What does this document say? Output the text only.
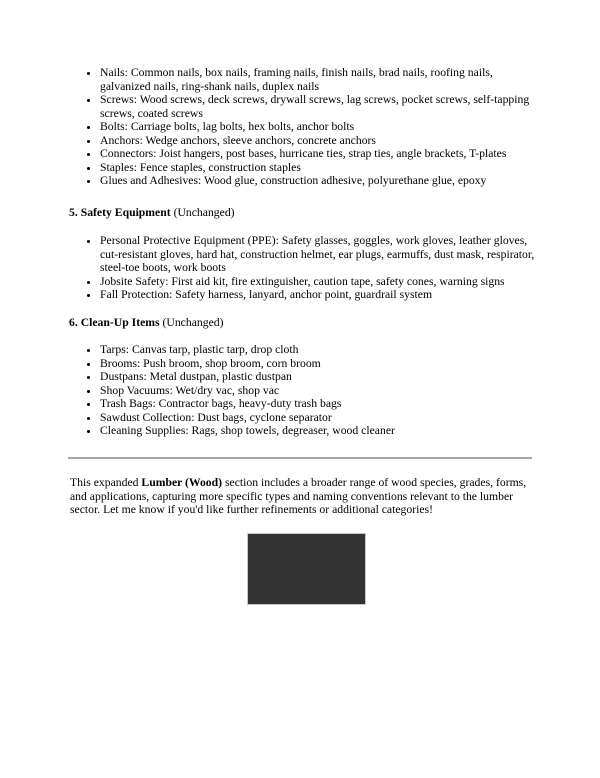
• Nails: Common nails, box nails, framing nails, finish nails, brad nails, roofing nails, galvanized nails, ring-shank nails, duplex nails
• Screws: Wood screws, deck screws, drywall screws, lag screws, pocket screws, self-tapping screws, coated screws
• Bolts: Carriage bolts, lag bolts, hex bolts, anchor bolts
• Anchors: Wedge anchors, sleeve anchors, concrete anchors
• Connectors: Joist hangers, post bases, hurricane ties, strap ties, angle brackets, T-plates
• Staples: Fence staples, construction staples
• Glues and Adhesives: Wood glue, construction adhesive, polyurethane glue, epoxy
5. Safety Equipment (Unchanged)
• Personal Protective Equipment (PPE): Safety glasses, goggles, work gloves, leather gloves, cut-resistant gloves, hard hat, construction helmet, ear plugs, earmuffs, dust mask, respirator, steel-toe boots, work boots
• Jobsite Safety: First aid kit, fire extinguisher, caution tape, safety cones, warning signs
• Fall Protection: Safety harness, lanyard, anchor point, guardrail system
6. Clean-Up Items (Unchanged)
• Tarps: Canvas tarp, plastic tarp, drop cloth
• Brooms: Push broom, shop broom, corn broom
• Dustpans: Metal dustpan, plastic dustpan
• Shop Vacuums: Wet/dry vac, shop vac
• Trash Bags: Contractor bags, heavy-duty trash bags
• Sawdust Collection: Dust bags, cyclone separator
• Cleaning Supplies: Rags, shop towels, degreaser, wood cleaner

This expanded Lumber (Wood) section includes a broader range of wood species, grades, forms, and applications, capturing more specific types and naming conventions relevant to the lumber sector. Let me know if you'd like further refinements or additional categories!
